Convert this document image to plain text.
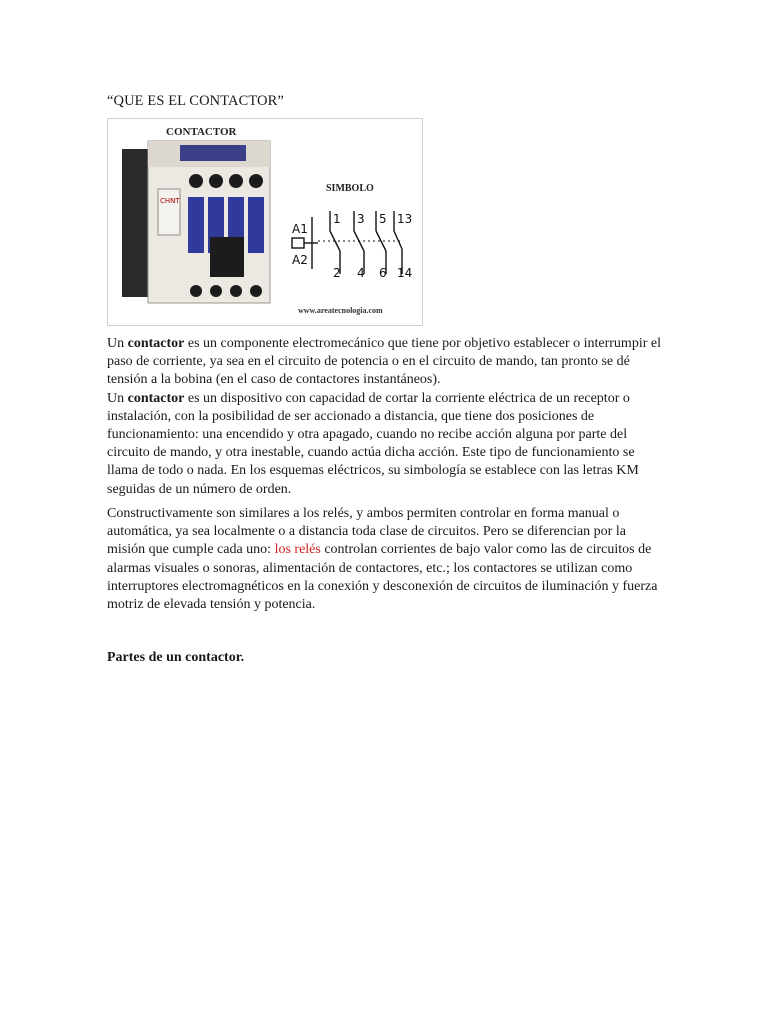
“QUE ES EL CONTACTOR”
CHNT
CONTACTOR
SIMBOLO
A1
A2
1 3 5 13
2 4 6 14
www.areatecnologia.com

Un contactor es un componente electromecánico que tiene por objetivo establecer o interrumpir el paso de corriente, ya sea en el circuito de potencia o en el circuito de mando, tan pronto se dé tensión a la bobina (en el caso de contactores instantáneos).
Un contactor es un dispositivo con capacidad de cortar la corriente eléctrica de un receptor o instalación, con la posibilidad de ser accionado a distancia, que tiene dos posiciones de funcionamiento: una encendido y otra apagado, cuando no recibe acción alguna por parte del circuito de mando, y otra inestable, cuando actúa dicha acción. Este tipo de funcionamiento se llama de todo o nada. En los esquemas eléctricos, su simbología se establece con las letras KM seguidas de un número de orden.

Constructivamente son similares a los relés, y ambos permiten controlar en forma manual o automática, ya sea localmente o a distancia toda clase de circuitos. Pero se diferencian por la misión que cumple cada uno: los relés controlan corrientes de bajo valor como las de circuitos de alarmas visuales o sonoras, alimentación de contactores, etc.; los contactores se utilizan como interruptores electromagnéticos en la conexión y desconexión de circuitos de iluminación y fuerza motriz de elevada tensión y potencia.

Partes de un contactor.
